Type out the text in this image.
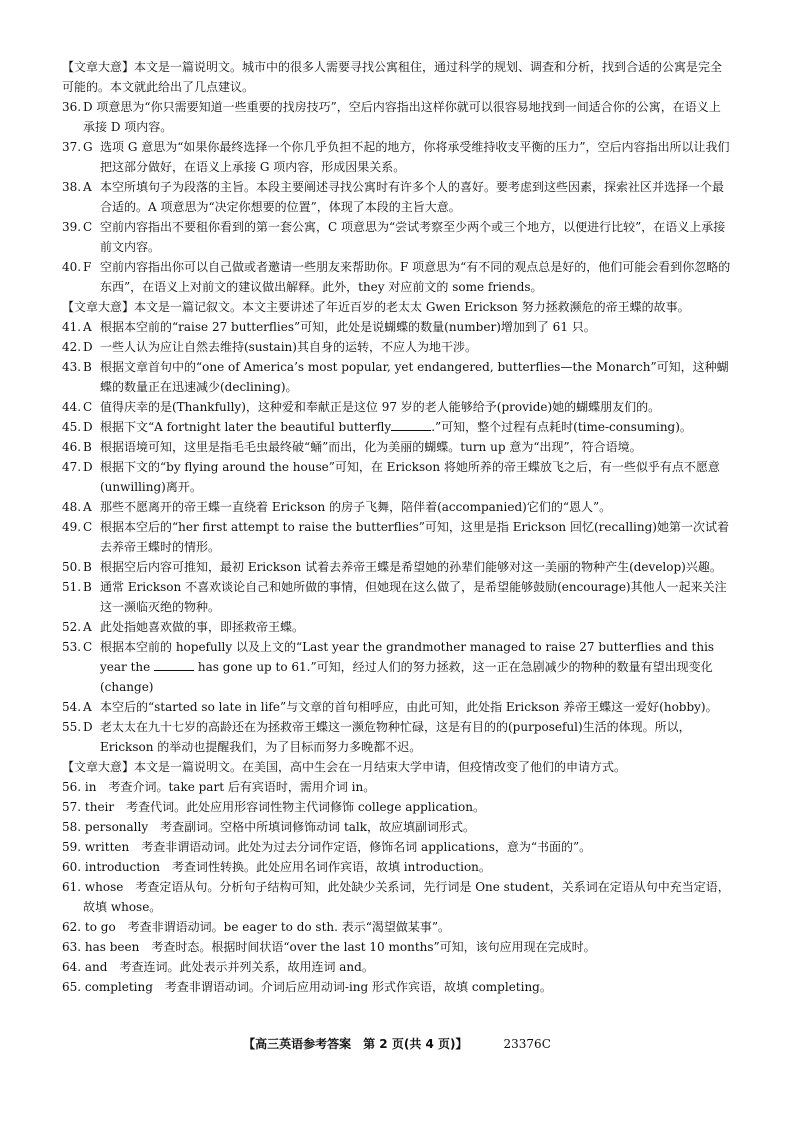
【文章大意】本文是一篇说明文。城市中的很多人需要寻找公寓租住，通过科学的规划、调查和分析，找到合适的公寓是完全可能的。本文就此给出了几点建议。

36. D 项意思为“你只需要知道一些重要的找房技巧”，空后内容指出这样你就可以很容易地找到一间适合你的公寓，在语义上承接 D 项内容。
37. G 选项 G 意思为“如果你最终选择一个你几乎负担不起的地方，你将承受维持收支平衡的压力”，空后内容指出所以让我们把这部分做好，在语义上承接 G 项内容，形成因果关系。
38. A 本空所填句子为段落的主旨。本段主要阐述寻找公寓时有许多个人的喜好。要考虑到这些因素，探索社区并选择一个最合适的。A 项意思为“决定你想要的位置”，体现了本段的主旨大意。
39. C 空前内容指出不要租你看到的第一套公寓，C 项意思为“尝试考察至少两个或三个地方，以便进行比较”，在语义上承接前文内容。
40. F 空前内容指出你可以自己做或者邀请一些朋友来帮助你。F 项意思为“有不同的观点总是好的，他们可能会看到你忽略的东西”，在语义上对前文的建议做出解释。此外，they 对应前文的 some friends。

【文章大意】本文是一篇记叙文。本文主要讲述了年近百岁的老太太 Gwen Erickson 努力拯救濒危的帝王蝶的故事。

41. A 根据本空前的“raise 27 butterflies”可知，此处是说蝴蝶的数量(number)增加到了 61 只。
42. D 一些人认为应让自然去维持(sustain)其自身的运转，不应人为地干涉。
43. B 根据文章首句中的“one of America’s most popular, yet endangered, butterflies—the Monarch”可知，这种蝴蝶的数量正在迅速减少(declining)。
44. C 值得庆幸的是(Thankfully)，这种爱和奉献正是这位 97 岁的老人能够给予(provide)她的蝴蝶朋友们的。
45. D 根据下文“A fortnight later the beautiful butterfly	.”可知，整个过程有点耗时(time-consuming)。
46. B 根据语境可知，这里是指毛毛虫最终破“蛹”而出，化为美丽的蝴蝶。turn up 意为“出现”，符合语境。
47. D 根据下文的“by flying around the house”可知，在 Erickson 将她所养的帝王蝶放飞之后，有一些似乎有点不愿意(unwilling)离开。
48. A 那些不愿离开的帝王蝶一直绕着 Erickson 的房子飞舞，陪伴着(accompanied)它们的“恩人”。
49. C 根据本空后的“her first attempt to raise the butterflies”可知，这里是指 Erickson 回忆(recalling)她第一次试着去养帝王蝶时的情形。
50. B 根据空后内容可推知，最初 Erickson 试着去养帝王蝶是希望她的孙辈们能够对这一美丽的物种产生(develop)兴趣。
51. B 通常 Erickson 不喜欢谈论自己和她所做的事情，但她现在这么做了，是希望能够鼓励(encourage)其他人一起来关注这一濒临灭绝的物种。
52. A 此处指她喜欢做的事，即拯救帝王蝶。
53. C 根据本空前的 hopefully 以及上文的“Last year the grandmother managed to raise 27 butterflies and this year the	has gone up to 61.”可知，经过人们的努力拯救，这一正在急剧减少的物种的数量有望出现变化(change)
54. A 本空后的“started so late in life”与文章的首句相呼应，由此可知，此处指 Erickson 养帝王蝶这一爱好(hobby)。
55. D 老太太在九十七岁的高龄还在为拯救帝王蝶这一濒危物种忙碌，这是有目的的(purposeful)生活的体现。所以，Erickson 的举动也提醒我们，为了目标而努力多晚都不迟。

【文章大意】本文是一篇说明文。在美国，高中生会在一月结束大学申请，但疫情改变了他们的申请方式。

56. in　考查介词。take part 后有宾语时，需用介词 in。
57. their　考查代词。此处应用形容词性物主代词修饰 college application。
58. personally　考查副词。空格中所填词修饰动词 talk，故应填副词形式。
59. written　考查非谓语动词。此处为过去分词作定语，修饰名词 applications，意为“书面的”。
60. introduction　考查词性转换。此处应用名词作宾语，故填 introduction。
61. whose　考查定语从句。分析句子结构可知，此处缺少关系词，先行词是 One student，关系词在定语从句中充当定语，故填 whose。
62. to go　考查非谓语动词。be eager to do sth. 表示“渴望做某事”。
63. has been　考查时态。根据时间状语“over the last 10 months”可知，该句应用现在完成时。
64. and　考查连词。此处表示并列关系，故用连词 and。
65. completing　考查非谓语动词。介词后应用动词-ing 形式作宾语，故填 completing。
【高三英语参考答案　第 2 页(共 4 页)】	23376C
